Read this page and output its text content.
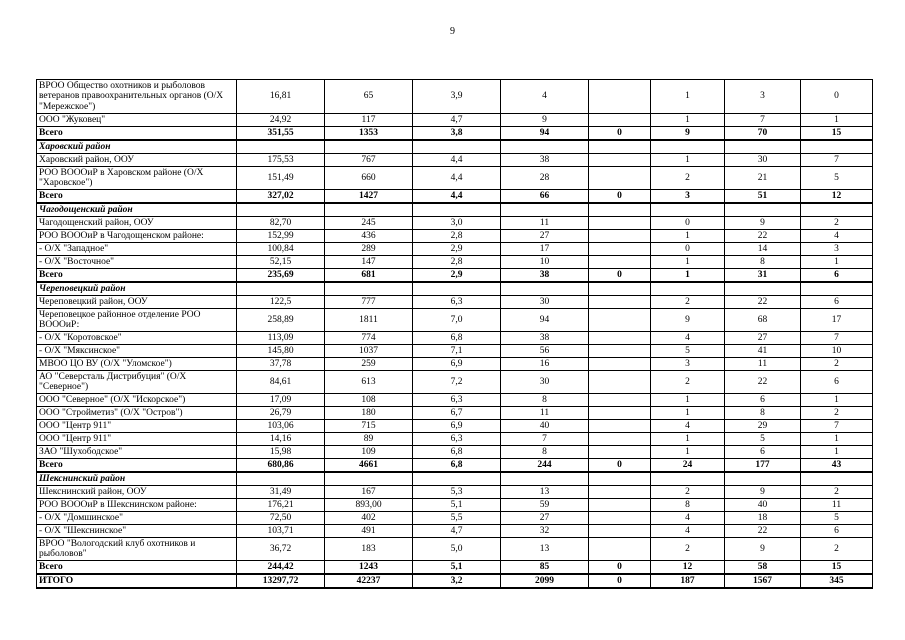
9
ВРОО Общество охотников и рыболовов ветеранов правоохранительных органов (О/Х "Мережское")	16,81	65	3,9	4		1	3	0
ООО "Жуковец"	24,92	117	4,7	9		1	7	1
Всего	351,55	1353	3,8	94	0	9	70	15
Харовский район								
Харовский район, ООУ	175,53	767	4,4	38		1	30	7
РОО ВОООиР в Харовском районе (О/Х "Харовское")	151,49	660	4,4	28		2	21	5
Всего	327,02	1427	4,4	66	0	3	51	12
Чагодощенский район								
Чагодощенский район, ООУ	82,70	245	3,0	11		0	9	2
РОО ВОООиР в Чагодощенском районе:	152,99	436	2,8	27		1	22	4
- О/Х "Западное"	100,84	289	2,9	17		0	14	3
- О/Х "Восточное"	52,15	147	2,8	10		1	8	1
Всего	235,69	681	2,9	38	0	1	31	6
Череповецкий район								
Череповецкий район, ООУ	122,5	777	6,3	30		2	22	6
Череповецкое районное отделение РОО ВОООиР:	258,89	1811	7,0	94		9	68	17
- О/Х "Коротовское"	113,09	774	6,8	38		4	27	7
- О/Х "Мяксинское"	145,80	1037	7,1	56		5	41	10
МВОО ЦО ВУ (О/Х "Уломское")	37,78	259	6,9	16		3	11	2
АО "Северсталь Дистрибуция" (О/Х "Северное")	84,61	613	7,2	30		2	22	6
ООО "Северное" (О/Х "Искорское")	17,09	108	6,3	8		1	6	1
ООО "Стройметиз" (О/Х "Остров")	26,79	180	6,7	11		1	8	2
ООО "Центр 911"	103,06	715	6,9	40		4	29	7
ООО "Центр 911"	14,16	89	6,3	7		1	5	1
ЗАО "Шухободское"	15,98	109	6,8	8		1	6	1
Всего	680,86	4661	6,8	244	0	24	177	43
Шекснинский район								
Шекснинский район, ООУ	31,49	167	5,3	13		2	9	2
РОО ВОООиР в Шекснинском районе:	176,21	893,00	5,1	59		8	40	11
- О/Х "Домшинское"	72,50	402	5,5	27		4	18	5
- О/Х "Шекснинское"	103,71	491	4,7	32		4	22	6
ВРОО "Вологодский клуб охотников и рыболовов"	36,72	183	5,0	13		2	9	2
Всего	244,42	1243	5,1	85	0	12	58	15
ИТОГО	13297,72	42237	3,2	2099	0	187	1567	345
